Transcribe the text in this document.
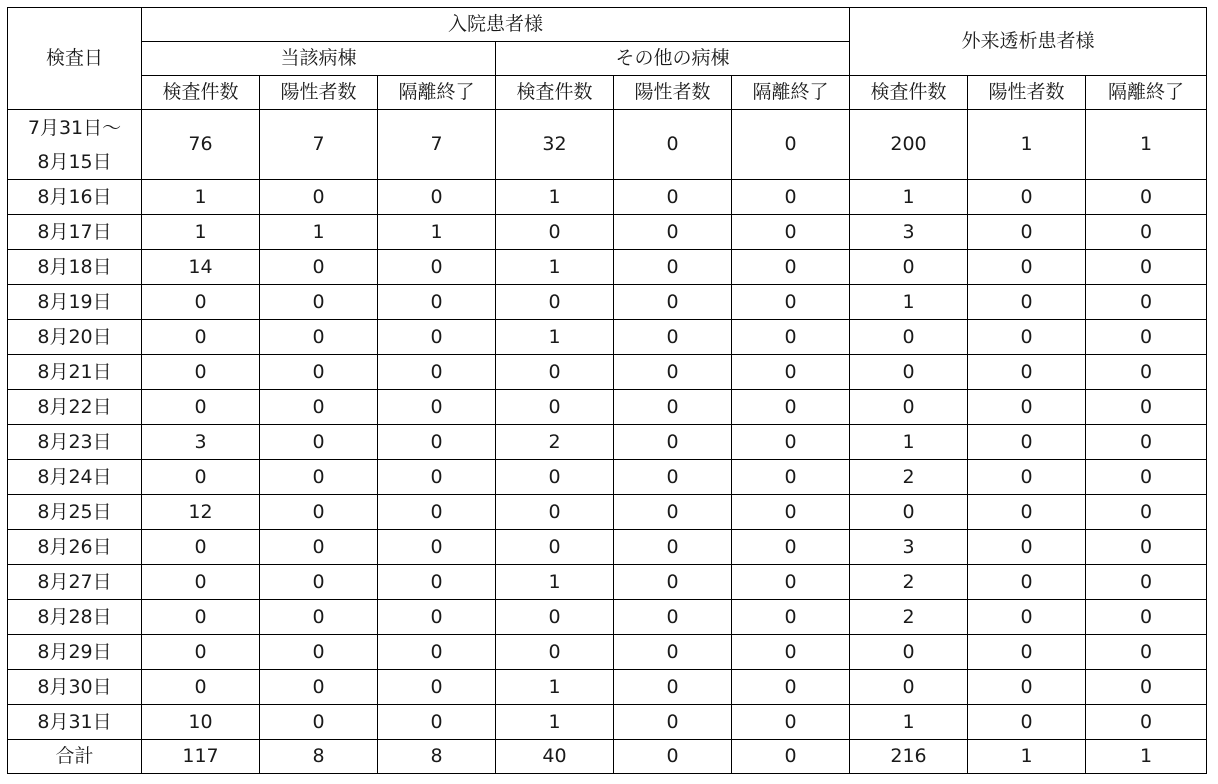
検査日	入院患者様						外来透析患者様		
	当該病棟			その他の病棟					
	検査件数	陽性者数	隔離終了	検査件数	陽性者数	隔離終了	検査件数	陽性者数	隔離終了
7月31日～
8月15日	76	7	7	32	0	0	200	1	1
8月16日	1	0	0	1	0	0	1	0	0
8月17日	1	1	1	0	0	0	3	0	0
8月18日	14	0	0	1	0	0	0	0	0
8月19日	0	0	0	0	0	0	1	0	0
8月20日	0	0	0	1	0	0	0	0	0
8月21日	0	0	0	0	0	0	0	0	0
8月22日	0	0	0	0	0	0	0	0	0
8月23日	3	0	0	2	0	0	1	0	0
8月24日	0	0	0	0	0	0	2	0	0
8月25日	12	0	0	0	0	0	0	0	0
8月26日	0	0	0	0	0	0	3	0	0
8月27日	0	0	0	1	0	0	2	0	0
8月28日	0	0	0	0	0	0	2	0	0
8月29日	0	0	0	0	0	0	0	0	0
8月30日	0	0	0	1	0	0	0	0	0
8月31日	10	0	0	1	0	0	1	0	0
合計	117	8	8	40	0	0	216	1	1
